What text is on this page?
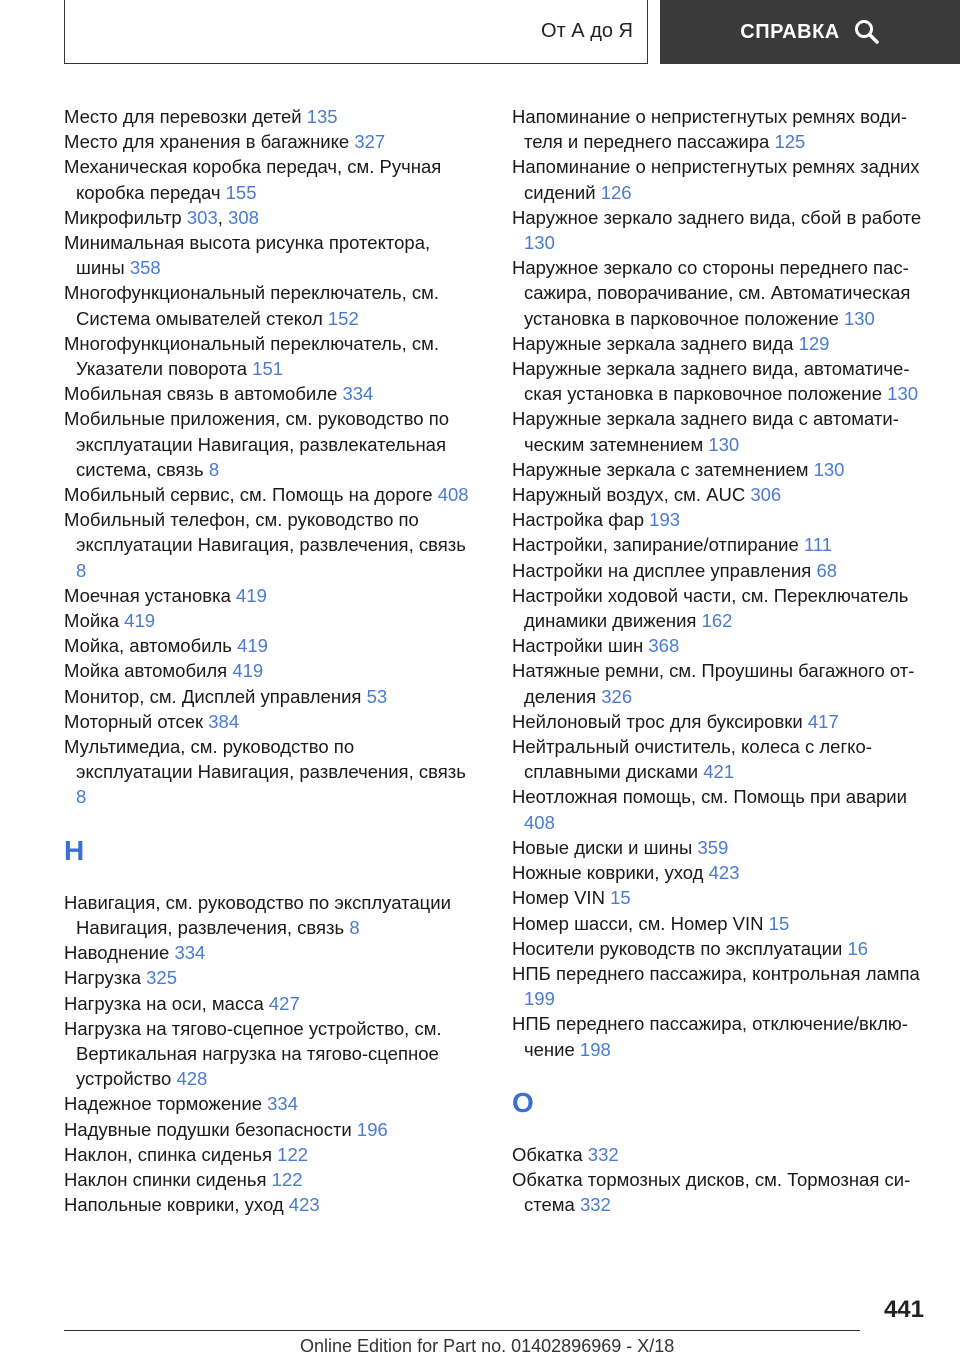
От А до Я	СПРАВКА
Место для перевозки детей 135
Место для хранения в багажнике 327
Механическая коробка передач, см. Ручная коробка передач 155
Микрофильтр 303, 308
Минимальная высота рисунка протектора, шины 358
Многофункциональный переключатель, см. Система омывателей стекол 152
Многофункциональный переключатель, см. Указатели поворота 151
Мобильная связь в автомобиле 334
Мобильные приложения, см. руководство по эксплуатации Навигация, развлекательная система, связь 8
Мобильный сервис, см. Помощь на дороге 408
Мобильный телефон, см. руководство по эксплуатации Навигация, развлечения, связь 8
Моечная установка 419
Мойка 419
Мойка, автомобиль 419
Мойка автомобиля 419
Монитор, см. Дисплей управления 53
Моторный отсек 384
Мультимедиа, см. руководство по эксплуатации Навигация, развлечения, связь 8
Н
Навигация, см. руководство по эксплуатации Навигация, развлечения, связь 8
Наводнение 334
Нагрузка 325
Нагрузка на оси, масса 427
Нагрузка на тягово-сцепное устройство, см. Вертикальная нагрузка на тягово-сцепное устройство 428
Надежное торможение 334
Надувные подушки безопасности 196
Наклон, спинка сиденья 122
Наклон спинки сиденья 122
Напольные коврики, уход 423
Напоминание о непристегнутых ремнях водителя и переднего пассажира 125
Напоминание о непристегнутых ремнях задних сидений 126
Наружное зеркало заднего вида, сбой в работе 130
Наружное зеркало со стороны переднего пассажира, поворачивание, см. Автоматическая установка в парковочное положение 130
Наружные зеркала заднего вида 129
Наружные зеркала заднего вида, автоматическая установка в парковочное положение 130
Наружные зеркала заднего вида с автоматическим затемнением 130
Наружные зеркала с затемнением 130
Наружный воздух, см. AUC 306
Настройка фар 193
Настройки, запирание/отпирание 111
Настройки на дисплее управления 68
Настройки ходовой части, см. Переключатель динамики движения 162
Настройки шин 368
Натяжные ремни, см. Проушины багажного отделения 326
Нейлоновый трос для буксировки 417
Нейтральный очиститель, колеса с легкосплавными дисками 421
Неотложная помощь, см. Помощь при аварии 408
Новые диски и шины 359
Ножные коврики, уход 423
Номер VIN 15
Номер шасси, см. Номер VIN 15
Носители руководств по эксплуатации 16
НПБ переднего пассажира, контрольная лампа 199
НПБ переднего пассажира, отключение/включение 198
О
Обкатка 332
Обкатка тормозных дисков, см. Тормозная система 332
441
Online Edition for Part no. 01402896969 - X/18
